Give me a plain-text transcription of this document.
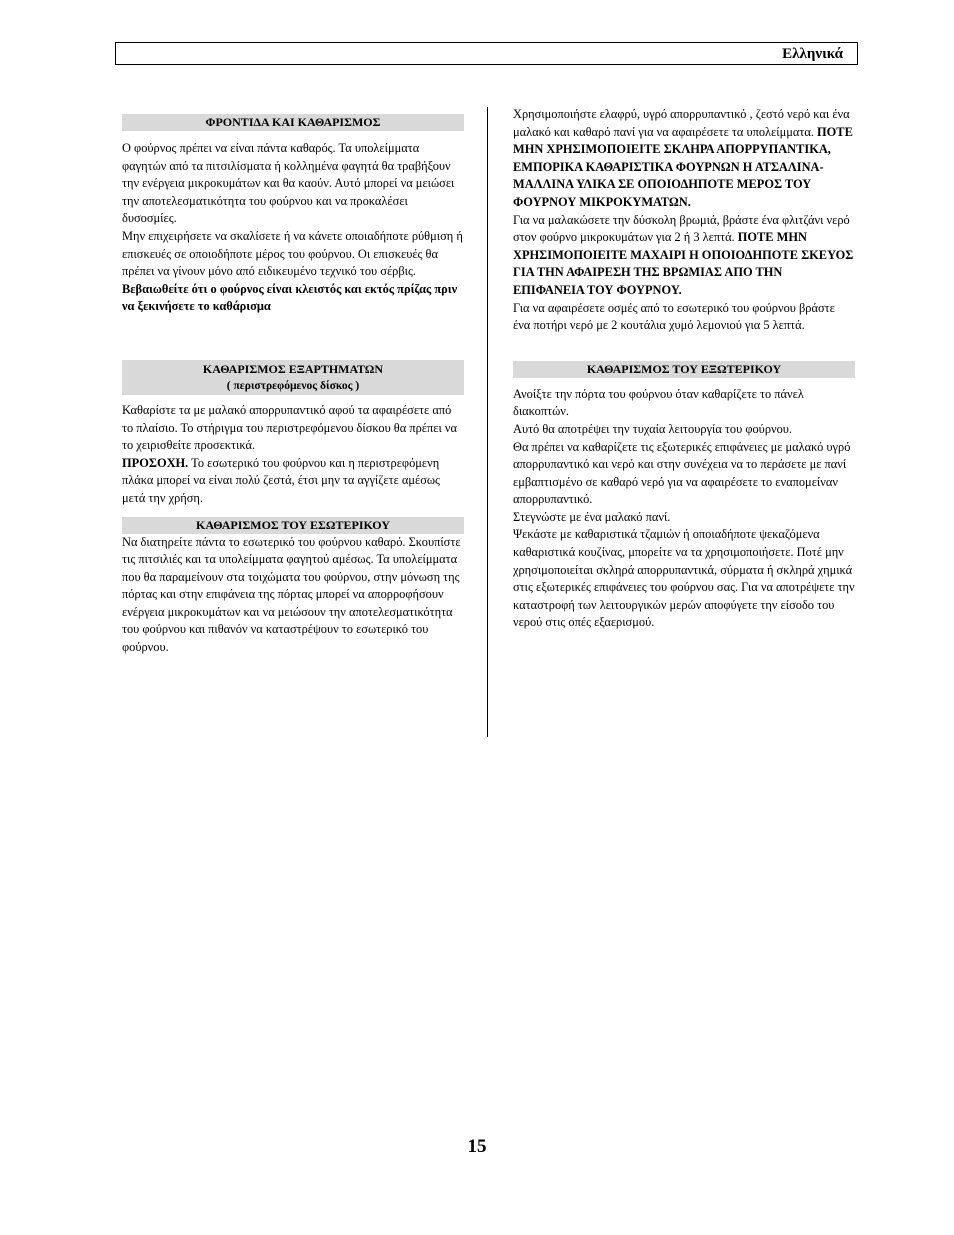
Ελληνικά
ΦΡΟΝΤΙΔΑ ΚΑΙ ΚΑΘΑΡΙΣΜΟΣ

Ο φούρνος πρέπει να είναι πάντα καθαρός. Τα υπολείμματα φαγητών από τα πιτσιλίσματα ή κολλημένα φαγητά θα τραβήξουν την ενέργεια μικροκυμάτων και θα καούν. Αυτό μπορεί να μειώσει την αποτελεσματικότητα του φούρνου και να προκαλέσει δυσοσμίες.

Μην επιχειρήσετε να σκαλίσετε ή να κάνετε οποιαδήποτε ρύθμιση ή επισκευές σε οποιοδήποτε μέρος του φούρνου. Οι επισκευές θα πρέπει να γίνουν μόνο από ειδικευμένο τεχνικό του σέρβις.

Βεβαιωθείτε ότι ο φούρνος είναι κλειστός και εκτός πρίζας πριν να ξεκινήσετε το καθάρισμα

ΚΑΘΑΡΙΣΜΟΣ ΕΞΑΡΤΗΜΑΤΩΝ
( περιστρεφόμενος δίσκος )

Καθαρίστε τα με μαλακό απορρυπαντικό αφού τα αφαιρέσετε από το πλαίσιο. Το στήριγμα του περιστρεφόμενου δίσκου θα πρέπει να το χειρισθείτε προσεκτικά.

ΠΡΟΣΟΧΗ. Το εσωτερικό του φούρνου και η περιστρεφόμενη πλάκα μπορεί να είναι πολύ ζεστά, έτσι μην τα αγγίζετε αμέσως μετά την χρήση.

ΚΑΘΑΡΙΣΜΟΣ ΤΟΥ ΕΣΩΤΕΡΙΚΟΥ

Να διατηρείτε πάντα το εσωτερικό του φούρνου καθαρό. Σκουπίστε τις πιτσιλιές και τα υπολείμματα φαγητού αμέσως. Τα υπολείμματα που θα παραμείνουν στα τοιχώματα του φούρνου, στην μόνωση της πόρτας και στην επιφάνεια της πόρτας μπορεί να απορροφήσουν ενέργεια μικροκυμάτων και να μειώσουν την αποτελεσματικότητα του φούρνου και πιθανόν να καταστρέψουν το εσωτερικό του φούρνου.

Χρησιμοποιήστε ελαφρύ, υγρό απορρυπαντικό , ζεστό νερό και ένα μαλακό και καθαρό πανί για να αφαιρέσετε τα υπολείμματα. ΠΟΤΕ ΜΗΝ ΧΡΗΣΙΜΟΠΟΙΕΙΤΕ ΣΚΛΗΡΑ ΑΠΟΡΡΥΠΑΝΤΙΚΑ, ΕΜΠΟΡΙΚΑ ΚΑΘΑΡΙΣΤΙΚΑ ΦΟΥΡΝΩΝ Η ΑΤΣΑΛΙΝΑ-ΜΑΛΛΙΝΑ ΥΛΙΚΑ ΣΕ ΟΠΟΙΟΔΗΠΟΤΕ ΜΕΡΟΣ ΤΟΥ ΦΟΥΡΝΟΥ ΜΙΚΡΟΚΥΜΑΤΩΝ.

Για να μαλακώσετε την δύσκολη βρωμιά, βράστε ένα φλιτζάνι νερό στον φούρνο μικροκυμάτων για 2 ή 3 λεπτά. ΠΟΤΕ ΜΗΝ ΧΡΗΣΙΜΟΠΟΙΕΙΤΕ ΜΑΧΑΙΡΙ Η ΟΠΟΙΟΔΗΠΟΤΕ ΣΚΕΥΟΣ ΓΙΑ ΤΗΝ ΑΦΑΙΡΕΣΗ ΤΗΣ ΒΡΩΜΙΑΣ ΑΠΟ ΤΗΝ ΕΠΙΦΑΝΕΙΑ ΤΟΥ ΦΟΥΡΝΟΥ.

Για να αφαιρέσετε οσμές από το εσωτερικό του φούρνου βράστε ένα ποτήρι νερό με 2 κουτάλια χυμό λεμονιού για 5 λεπτά.

ΚΑΘΑΡΙΣΜΟΣ ΤΟΥ ΕΞΩΤΕΡΙΚΟΥ

Ανοίξτε την πόρτα του φούρνου όταν καθαρίζετε το πάνελ διακοπτών.

Αυτό θα αποτρέψει την τυχαία λειτουργία του φούρνου.

Θα πρέπει να καθαρίζετε τις εξωτερικές επιφάνειες με μαλακό υγρό απορρυπαντικό και νερό και στην συνέχεια να το περάσετε με πανί εμβαπτισμένο σε καθαρό νερό για να αφαιρέσετε το εναπομείναν απορρυπαντικό.

Στεγνώστε με ένα μαλακό πανί.

Ψεκάστε με καθαριστικά τζαμιών ή οποιαδήποτε ψεκαζόμενα καθαριστικά κουζίνας, μπορείτε να τα χρησιμοποιήσετε. Ποτέ μην χρησιμοποιείται σκληρά απορρυπαντικά, σύρματα ή σκληρά χημικά στις εξωτερικές επιφάνειες του φούρνου σας. Για να αποτρέψετε την καταστροφή των λειτουργικών μερών αποφύγετε την είσοδο του νερού στις οπές εξαερισμού.

15
